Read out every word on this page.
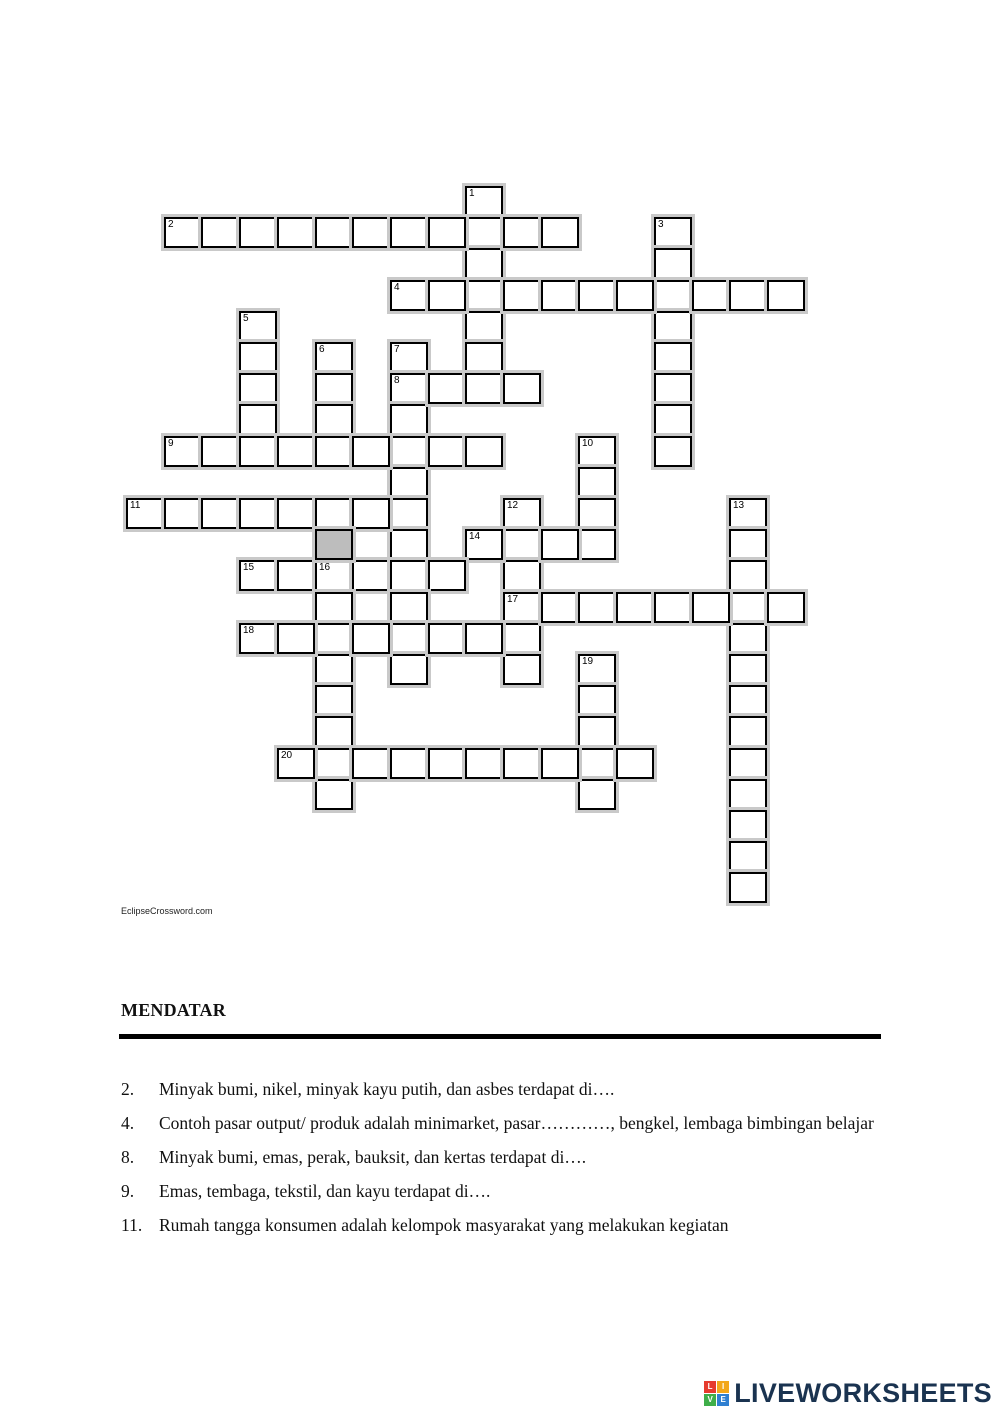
1
2	3
4
5
6	7
8
9	10
11	12
17
13
14
15	16
18
19
20
EclipseCrossword.com
MENDATAR
2.	Minyak bumi, nikel, minyak kayu putih, dan asbes terdapat di….
4.	Contoh pasar output/ produk adalah minimarket, pasar…………, bengkel, lembaga bimbingan belajar
8.	Minyak bumi, emas, perak, bauksit, dan kertas terdapat di….
9.	Emas, tembaga, tekstil, dan kayu terdapat di….
11. Rumah tangga konsumen adalah kelompok masyarakat yang melakukan kegiatan
L	I
V E LIVEWORKSHEETS
